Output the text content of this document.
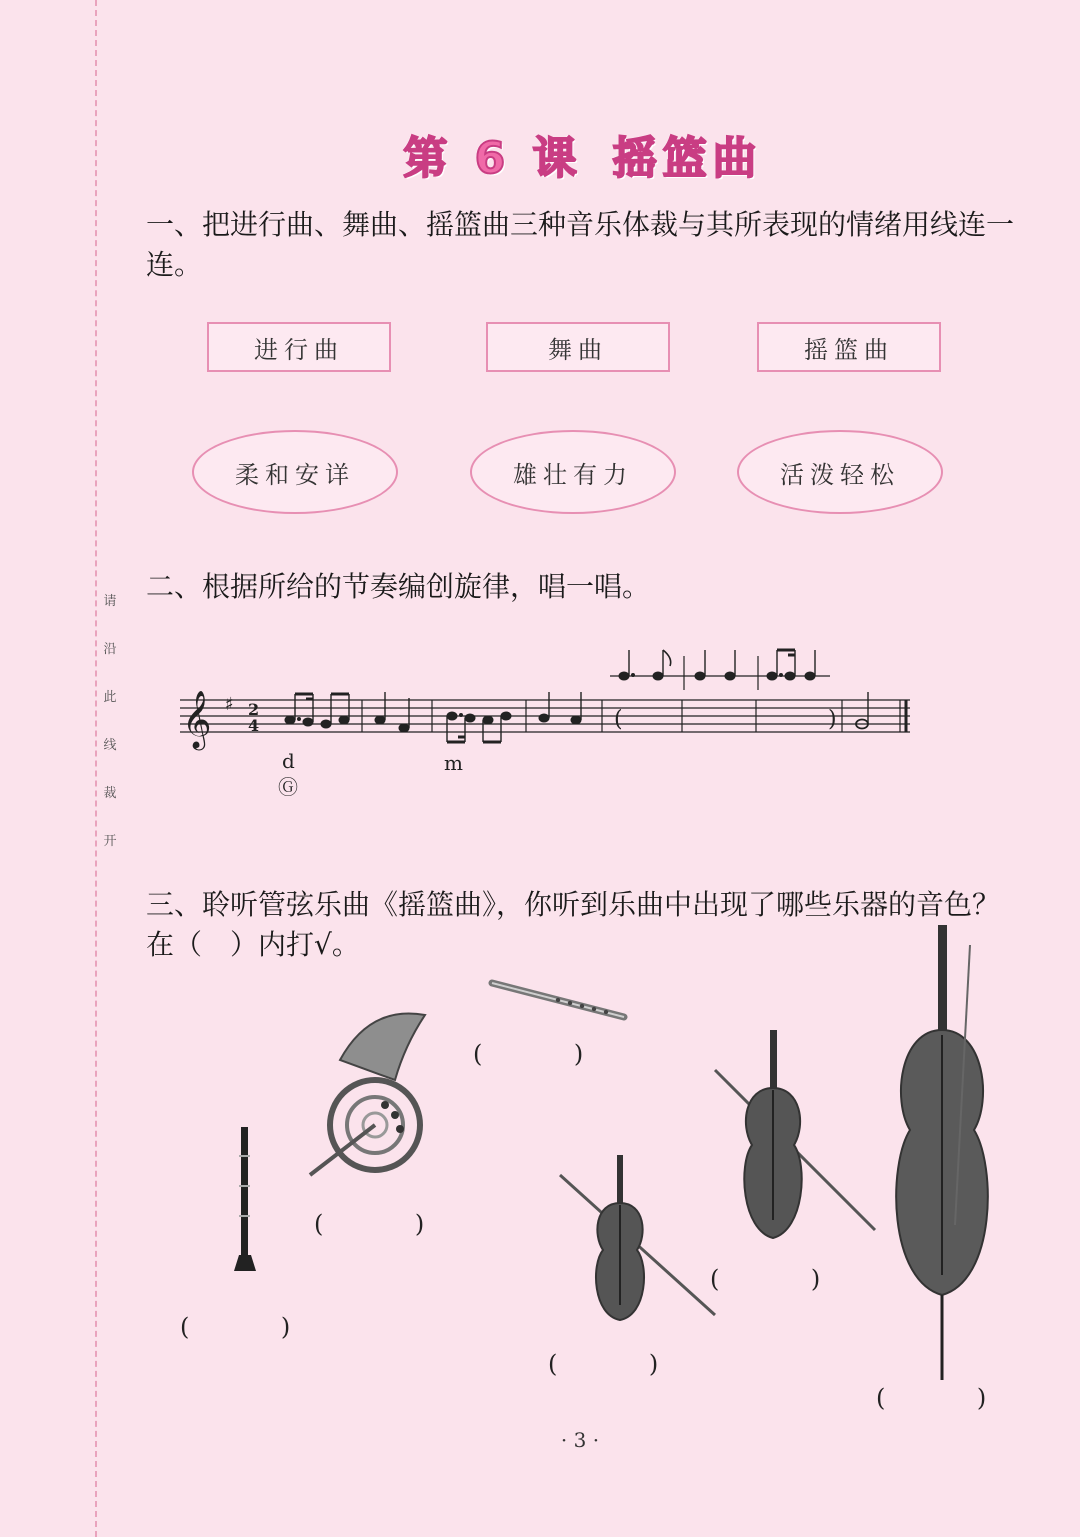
请
沿
此
线
裁
开
第 6 课 摇篮曲
一、把进行曲、舞曲、摇篮曲三种音乐体裁与其所表现的情绪用线连一连。
进行曲	舞曲	摇篮曲
柔和安详	雄壮有力	活泼轻松
二、根据所给的节奏编创旋律，唱一唱。
𝄞 ♯ 2
4	(	)
d
Ⓖ
m
三、聆听管弦乐曲《摇篮曲》，你听到乐曲中出现了哪些乐器的音色？在（　）内打√。
(            )
(            )
(            )
(            )
(            )
(            )
· 3 ·
